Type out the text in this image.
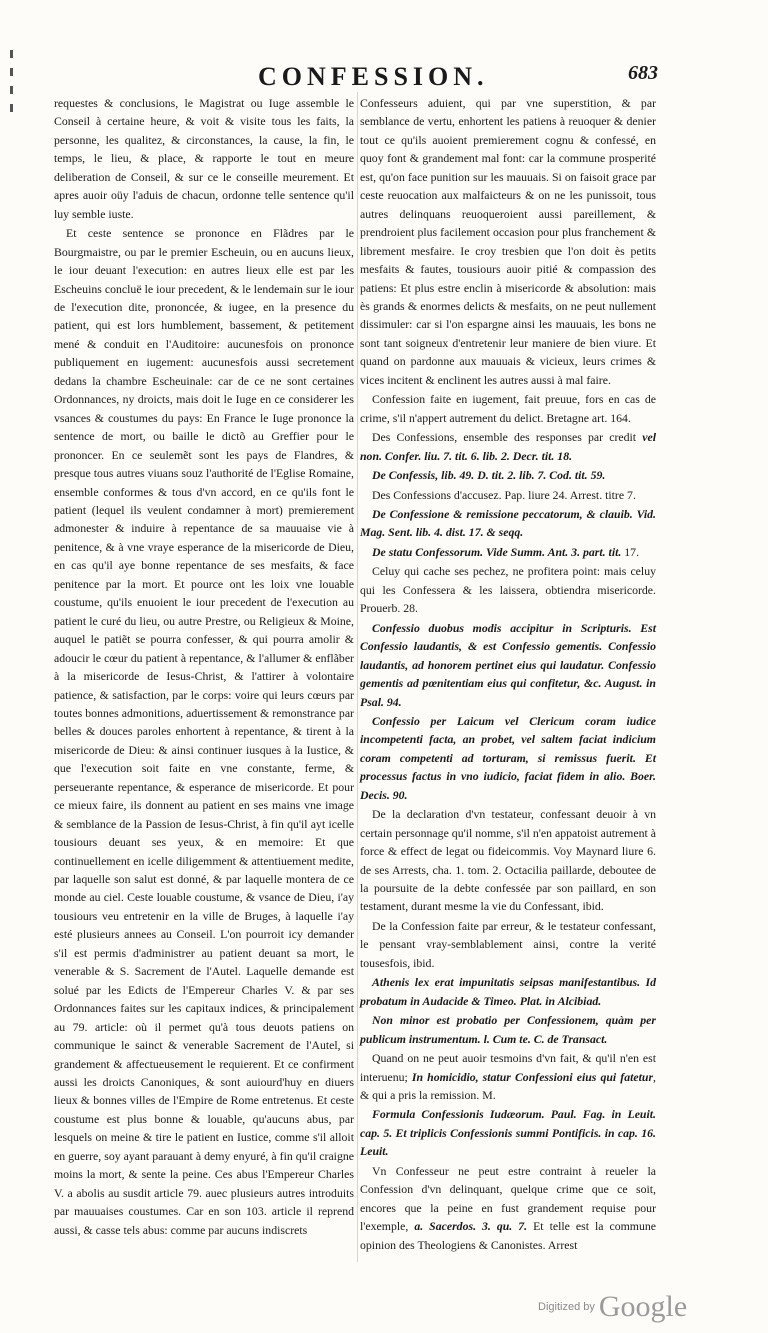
CONFESSION.	683

requestes & conclusions, le Magistrat ou Iuge assemble le Conseil à certaine heure, & voit & visite tous les faits, la personne, les qualitez, & circonstances, la cause, la fin, le temps, le lieu, & place, & rapporte le tout en meure deliberation de Conseil, & sur ce le conseille meurement. Et apres auoir oüy l'aduis de chacun, ordonne telle sentence qu'il luy semble iuste.

Et ceste sentence se prononce en Flãdres par le Bourgmaistre, ou par le premier Escheuin, ou en aucuns lieux, le iour deuant l'execution: en autres lieux elle est par les Escheuins concluë le iour precedent, & le lendemain sur le iour de l'execution dite, prononcée, & iugee, en la presence du patient, qui est lors humblement, bassement, & petitement mené & conduit en l'Auditoire: aucunesfois on prononce publiquement en iugement: aucunesfois aussi secretement dedans la chambre Escheuinale: car de ce ne sont certaines Ordonnances, ny droicts, mais doit le Iuge en ce considerer les vsances & coustumes du pays: En France le Iuge prononce la sentence de mort, ou baille le dictõ au Greffier pour le prononcer. En ce seulemẽt sont les pays de Flandres, & presque tous autres viuans souz l'authorité de l'Eglise Romaine, ensemble conformes & tous d'vn accord, en ce qu'ils font le patient (lequel ils veulent condamner à mort) premierement admonester & induire à repentance de sa mauuaise vie à penitence, & à vne vraye esperance de la misericorde de Dieu, en cas qu'il aye bonne repentance de ses mesfaits, & face penitence par la mort. Et pource ont les loix vne louable coustume, qu'ils enuoient le iour precedent de l'execution au patient le curé du lieu, ou autre Prestre, ou Religieux & Moine, auquel le patiẽt se pourra confesser, & qui pourra amolir & adoucir le cœur du patient à repentance, & l'allumer & enflãber à la misericorde de Iesus-Christ, & l'attirer à volontaire patience, & satisfaction, par le corps: voire qui leurs cœurs par toutes bonnes admonitions, aduertissement & remonstrance par belles & douces paroles enhortent à repentance, & tirent à la misericorde de Dieu: & ainsi continuer iusques à la Iustice, & que l'execution soit faite en vne constante, ferme, & perseuerante repentance, & esperance de misericorde. Et pour ce mieux faire, ils donnent au patient en ses mains vne image & semblance de la Passion de Iesus-Christ, à fin qu'il ayt icelle tousiours deuant ses yeux, & en memoire: Et que continuellement en icelle diligemment & attentiuement medite, par laquelle son salut est donné, & par laquelle montera de ce monde au ciel. Ceste louable coustume, & vsance de Dieu, i'ay tousiours veu entretenir en la ville de Bruges, à laquelle i'ay esté plusieurs annees au Conseil. L'on pourroit icy demander s'il est permis d'administrer au patient deuant sa mort, le venerable & S. Sacrement de l'Autel. Laquelle demande est solué par les Edicts de l'Empereur Charles V. & par ses Ordonnances faites sur les capitaux indices, & principalement au 79. article: où il permet qu'à tous deuots patiens on communique le sainct & venerable Sacrement de l'Autel, si grandement & affectueusement le requierent. Et ce confirment aussi les droicts Canoniques, & sont auiourd'huy en diuers lieux & bonnes villes de l'Empire de Rome entretenus. Et ceste coustume est plus bonne & louable, qu'aucuns abus, par lesquels on meine & tire le patient en Iustice, comme s'il alloit en guerre, soy ayant parauant à demy enyuré, à fin qu'il craigne moins la mort, & sente la peine. Ces abus l'Empereur Charles V. a abolis au susdit article 79. auec plusieurs autres introduits par mauuaises coustumes. Car en son 103. article il reprend aussi, & casse tels abus: comme par aucuns indiscrets

Confesseurs aduient, qui par vne superstition, & par semblance de vertu, enhortent les patiens à reuoquer & denier tout ce qu'ils auoient premierement cognu & confessé, en quoy font & grandement mal font: car la commune prosperité est, qu'on face punition sur les mauuais. Si on faisoit grace par ceste reuocation aux malfaicteurs & on ne les punissoit, tous autres delinquans reuoqueroient aussi pareillement, & prendroient plus facilement occasion pour plus franchement & librement mesfaire. Ie croy tresbien que l'on doit ès petits mesfaits & fautes, tousiours auoir pitié & compassion des patiens: Et plus estre enclin à misericorde & absolution: mais ès grands & enormes delicts & mesfaits, on ne peut nullement dissimuler: car si l'on espargne ainsi les mauuais, les bons ne sont tant soigneux d'entretenir leur maniere de bien viure. Et quand on pardonne aux mauuais & vicieux, leurs crimes & vices incitent & enclinent les autres aussi à mal faire.

Confession faite en iugement, fait preuue, fors en cas de crime, s'il n'appert autrement du delict. Bretagne art. 164.

Des Confessions, ensemble des responses par credit vel non. Confer. liu. 7. tit. 6. lib. 2. Decr. tit. 18.

De Confessis, lib. 49. D. tit. 2. lib. 7. Cod. tit. 59.

Des Confessions d'accusez. Pap. liure 24. Arrest. titre 7.

De Confessione & remissione peccatorum, & clauib. Vid. Mag. Sent. lib. 4. dist. 17. & seqq.

De statu Confessorum. Vide Summ. Ant. 3. part. tit. 17.

Celuy qui cache ses pechez, ne profitera point: mais celuy qui les Confessera & les laissera, obtiendra misericorde. Prouerb. 28.

Confessio duobus modis accipitur in Scripturis. Est Confessio laudantis, & est Confessio gementis. Confessio laudantis, ad honorem pertinet eius qui laudatur. Confessio gementis ad pœnitentiam eius qui confitetur, &c. August. in Psal. 94.

Confessio per Laicum vel Clericum coram iudice incompetenti facta, an probet, vel saltem faciat indicium coram competenti ad torturam, si remissus fuerit. Et processus factus in vno iudicio, faciat fidem in alio. Boer. Decis. 90.

De la declaration d'vn testateur, confessant deuoir à vn certain personnage qu'il nomme, s'il n'en appatoist autrement à force & effect de legat ou fideicommis. Voy Maynard liure 6. de ses Arrests, cha. 1. tom. 2. Octacilia paillarde, deboutee de la poursuite de la debte confessée par son paillard, en son testament, durant mesme la vie du Confessant, ibid.

De la Confession faite par erreur, & le testateur confessant, le pensant vray-semblablement ainsi, contre la verité tousesfois, ibid.

Athenis lex erat impunitatis seipsas manifestantibus. Id probatum in Audacide & Timeo. Plat. in Alcibiad.

Non minor est probatio per Confessionem, quàm per publicum instrumentum. l. Cum te. C. de Transact.

Quand on ne peut auoir tesmoins d'vn fait, & qu'il n'en est interuenu; In homicidio, statur Confessioni eius qui fatetur, & qui a pris la remission. M.

Formula Confessionis Iudæorum. Paul. Fag. in Leuit. cap. 5. Et triplicis Confessionis summi Pontificis. in cap. 16. Leuit.

Vn Confesseur ne peut estre contraint à reueler la Confession d'vn delinquant, quelque crime que ce soit, encores que la peine en fust grandement requise pour l'exemple, a. Sacerdos. 3. qu. 7. Et telle est la commune opinion des Theologiens & Canonistes. Arrest

Digitized by Google
